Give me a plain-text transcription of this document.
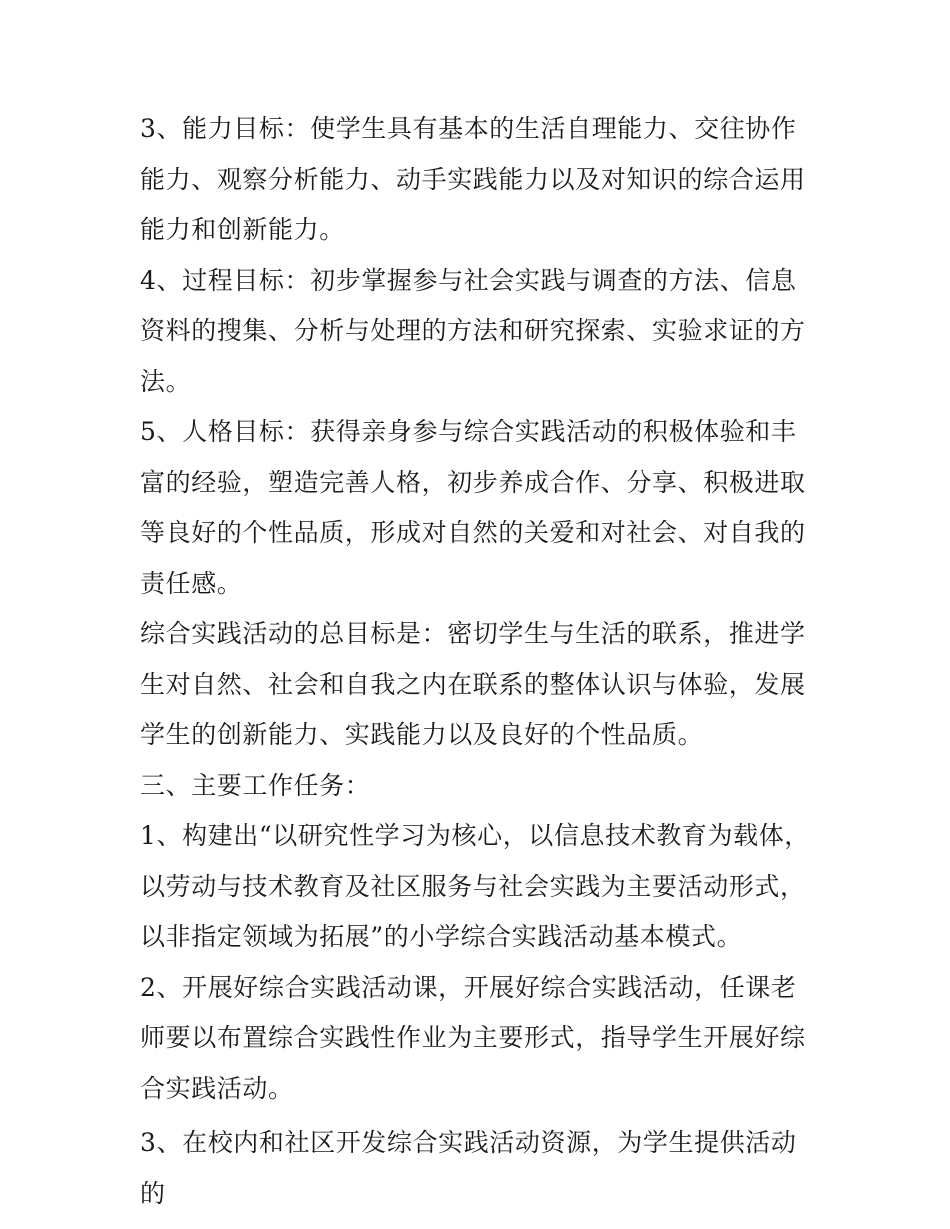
3、能力目标：使学生具有基本的生活自理能力、交往协作能力、观察分析能力、动手实践能力以及对知识的综合运用能力和创新能力。

4、过程目标：初步掌握参与社会实践与调查的方法、信息资料的搜集、分析与处理的方法和研究探索、实验求证的方法。

5、人格目标：获得亲身参与综合实践活动的积极体验和丰富的经验，塑造完善人格，初步养成合作、分享、积极进取等良好的个性品质，形成对自然的关爱和对社会、对自我的责任感。

综合实践活动的总目标是：密切学生与生活的联系，推进学生对自然、社会和自我之内在联系的整体认识与体验，发展学生的创新能力、实践能力以及良好的个性品质。

三、主要工作任务：

1、构建出“以研究性学习为核心，以信息技术教育为载体，以劳动与技术教育及社区服务与社会实践为主要活动形式，以非指定领域为拓展”的小学综合实践活动基本模式。

2、开展好综合实践活动课，开展好综合实践活动，任课老师要以布置综合实践性作业为主要形式，指导学生开展好综合实践活动。

3、在校内和社区开发综合实践活动资源，为学生提供活动的
